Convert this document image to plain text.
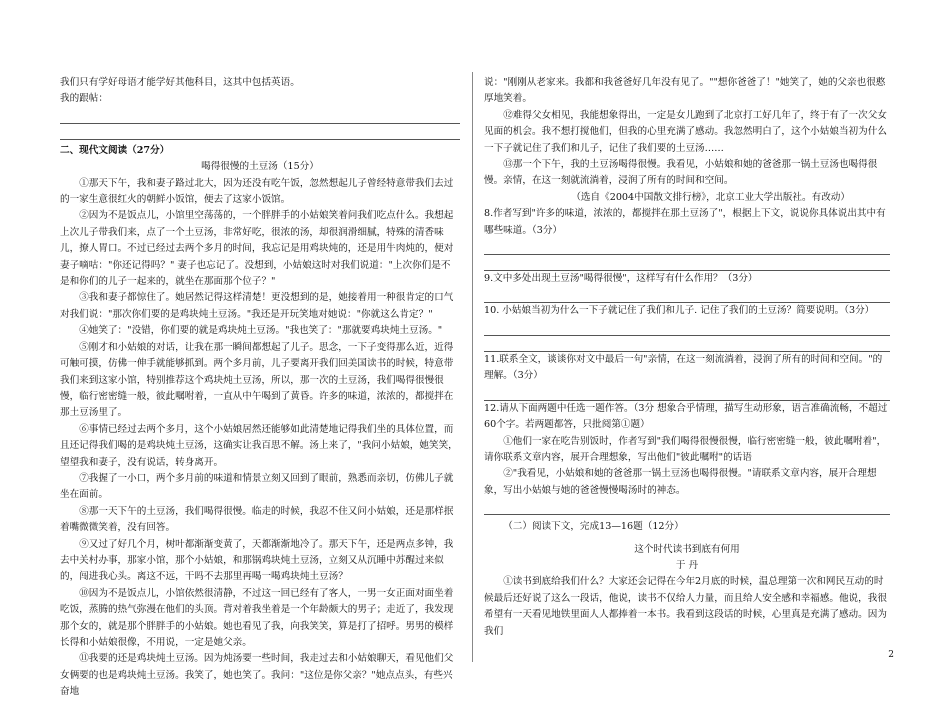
我们只有学好母语才能学好其他科目，这其中包括英语。

我的跟帖：

二、现代文阅读（27分）

喝得很慢的土豆汤（15分）

①那天下午，我和妻子路过北大，因为还没有吃午饭，忽然想起儿子曾经特意带我们去过的一家生意很红火的朝鲜小饭馆，便去了这家小饭馆。

②因为不是饭点儿，小馆里空荡荡的，一个胖胖手的小姑娘笑着问我们吃点什么。我想起上次儿子带我们来，点了一个土豆汤，非常好吃，很浓的汤，却很润滑细腻，特殊的清香味儿，撩人胃口。不过已经过去两个多月的时间，我忘记是用鸡块炖的，还是用牛肉炖的，便对妻子嘀咕："你还记得吗？" 妻子也忘记了。没想到，小姑娘这时对我们说道："上次你们是不是和你们的儿子一起来的，就坐在那面那个位子？"

③我和妻子都惊住了。她居然记得这样清楚！更没想到的是，她接着用一种很肯定的口气对我们说："那次你们要的是鸡块炖土豆汤。"我还是开玩笑地对她说："你就这么肯定？"

④她笑了："没错，你们要的就是鸡块炖土豆汤。"我也笑了："那就要鸡块炖土豆汤。"

⑤刚才和小姑娘的对话，让我在那一瞬间都想起了儿子。思念，一下子变得那么近，近得可触可摸，仿佛一伸手就能够抓到。两个多月前，儿子要离开我们回美国读书的时候，特意带我们来到这家小馆，特别推荐这个鸡块炖土豆汤，所以，那一次的土豆汤，我们喝得很慢很慢，临行密密缝一般，彼此嘱咐着，一直从中午喝到了黄昏。许多的味道，浓浓的，都搅拌在那土豆汤里了。

⑥事情已经过去两个多月，这个小姑娘居然还能够如此清楚地记得我们坐的具体位置，而且还记得我们喝的是鸡块炖土豆汤，这确实让我百思不解。汤上来了，"我问小姑娘，她笑笑，望望我和妻子，没有说话，转身离开。

⑦我握了一小口，两个多月前的味道和情景立刻又回到了眼前，熟悉而亲切，仿佛儿子就坐在面前。

⑧那一天下午的土豆汤，我们喝得很慢。临走的时候，我忍不住又问小姑娘，还是那样抿着嘴微微笑着，没有回答。

⑨又过了好几个月，树叶都渐渐变黄了，天都渐渐地冷了。那天下午，还是两点多钟，我去中关村办事，那家小馆，那个小姑娘，和那锅鸡块炖土豆汤，立刻又从沉睡中苏醒过来似的，闯进我心头。离这不远，干吗不去那里再喝一喝鸡块炖土豆汤？

⑩因为不是饭点儿，小馆依然很清静，不过这一回已经有了客人，一男一女正面对面坐着吃饭，蒸腾的热气弥漫在他们的头顶。背对着我坐着是一个年龄颇大的男子；走近了，我发现那个女的，就是那个胖胖手的小姑娘。她也看见了我，向我笑笑，算是打了招呼。男男的模样长得和小姑娘很像，不用说，一定是她父亲。

⑪我要的还是鸡块炖土豆汤。因为炖汤要一些时间，我走过去和小姑娘聊天，看见他们父女俩要的也是鸡块炖土豆汤。我笑了，她也笑了。我问："这位是你父亲？"她点点头，有些兴奋地

说："刚刚从老家来。我都和我爸爸好几年没有见了。""想你爸爸了！"她笑了，她的父亲也很憨厚地笑着。

⑫难得父女相见，我能想象得出，一定是女儿跑到了北京打工好几年了，终于有了一次父女见面的机会。我不想打搅他们，但我的心里充满了感动。我忽然明白了，这个小姑娘当初为什么一下子就记住了我们和儿子，记住了我们要的土豆汤……

⑬那一个下午，我的土豆汤喝得很慢。我看见，小姑娘和她的爸爸那一锅土豆汤也喝得很慢。亲情，在这一刻就流淌着，浸润了所有的时间和空间。

（选自《2004中国散文排行榜》，北京工业大学出版社。有改动）

8.作者写到"许多的味道，浓浓的，都搅拌在那土豆汤了"，根据上下文，说说你具体说出其中有哪些味道。（3分）

9.文中多处出现土豆汤"喝得很慢"，这样写有什么作用？（3分）

10. 小姑娘当初为什么一下子就记住了我们和儿子. 记住了我们的土豆汤？简要说明。（3分）

11.联系全文，谈谈你对文中最后一句"亲情，在这一刻流淌着，浸润了所有的时间和空间。"的理解。（3分）

12.请从下面两题中任选一题作答。（3分 想象合乎情理，描写生动形象，语言准确流畅，不超过60个字。若两题都答，只批阅第①题）

①他们一家在吃告别饭时，作者写到"我们喝得很慢很慢，临行密密缝一般，彼此嘱咐着"，请你联系文章内容，展开合理想象，写出他们"彼此嘱咐"的话语

②"我看见，小姑娘和她的爸爸那一锅土豆汤也喝得很慢。"请联系文章内容，展开合理想象，写出小姑娘与她的爸爸慢慢喝汤时的神态。

（二）阅读下文，完成13—16题（12分）

这个时代读书到底有何用

于 丹

①读书到底给我们什么？大家还会记得在今年2月底的时候，温总理第一次和网民互动的时候最后还好说了这么一段话，他说，读书不仅给人力量，而且给人安全感和幸福感。他说，我很希望有一天看见地铁里面人人都捧着一本书。我看到这段话的时候，心里真是充满了感动。因为我们

2
